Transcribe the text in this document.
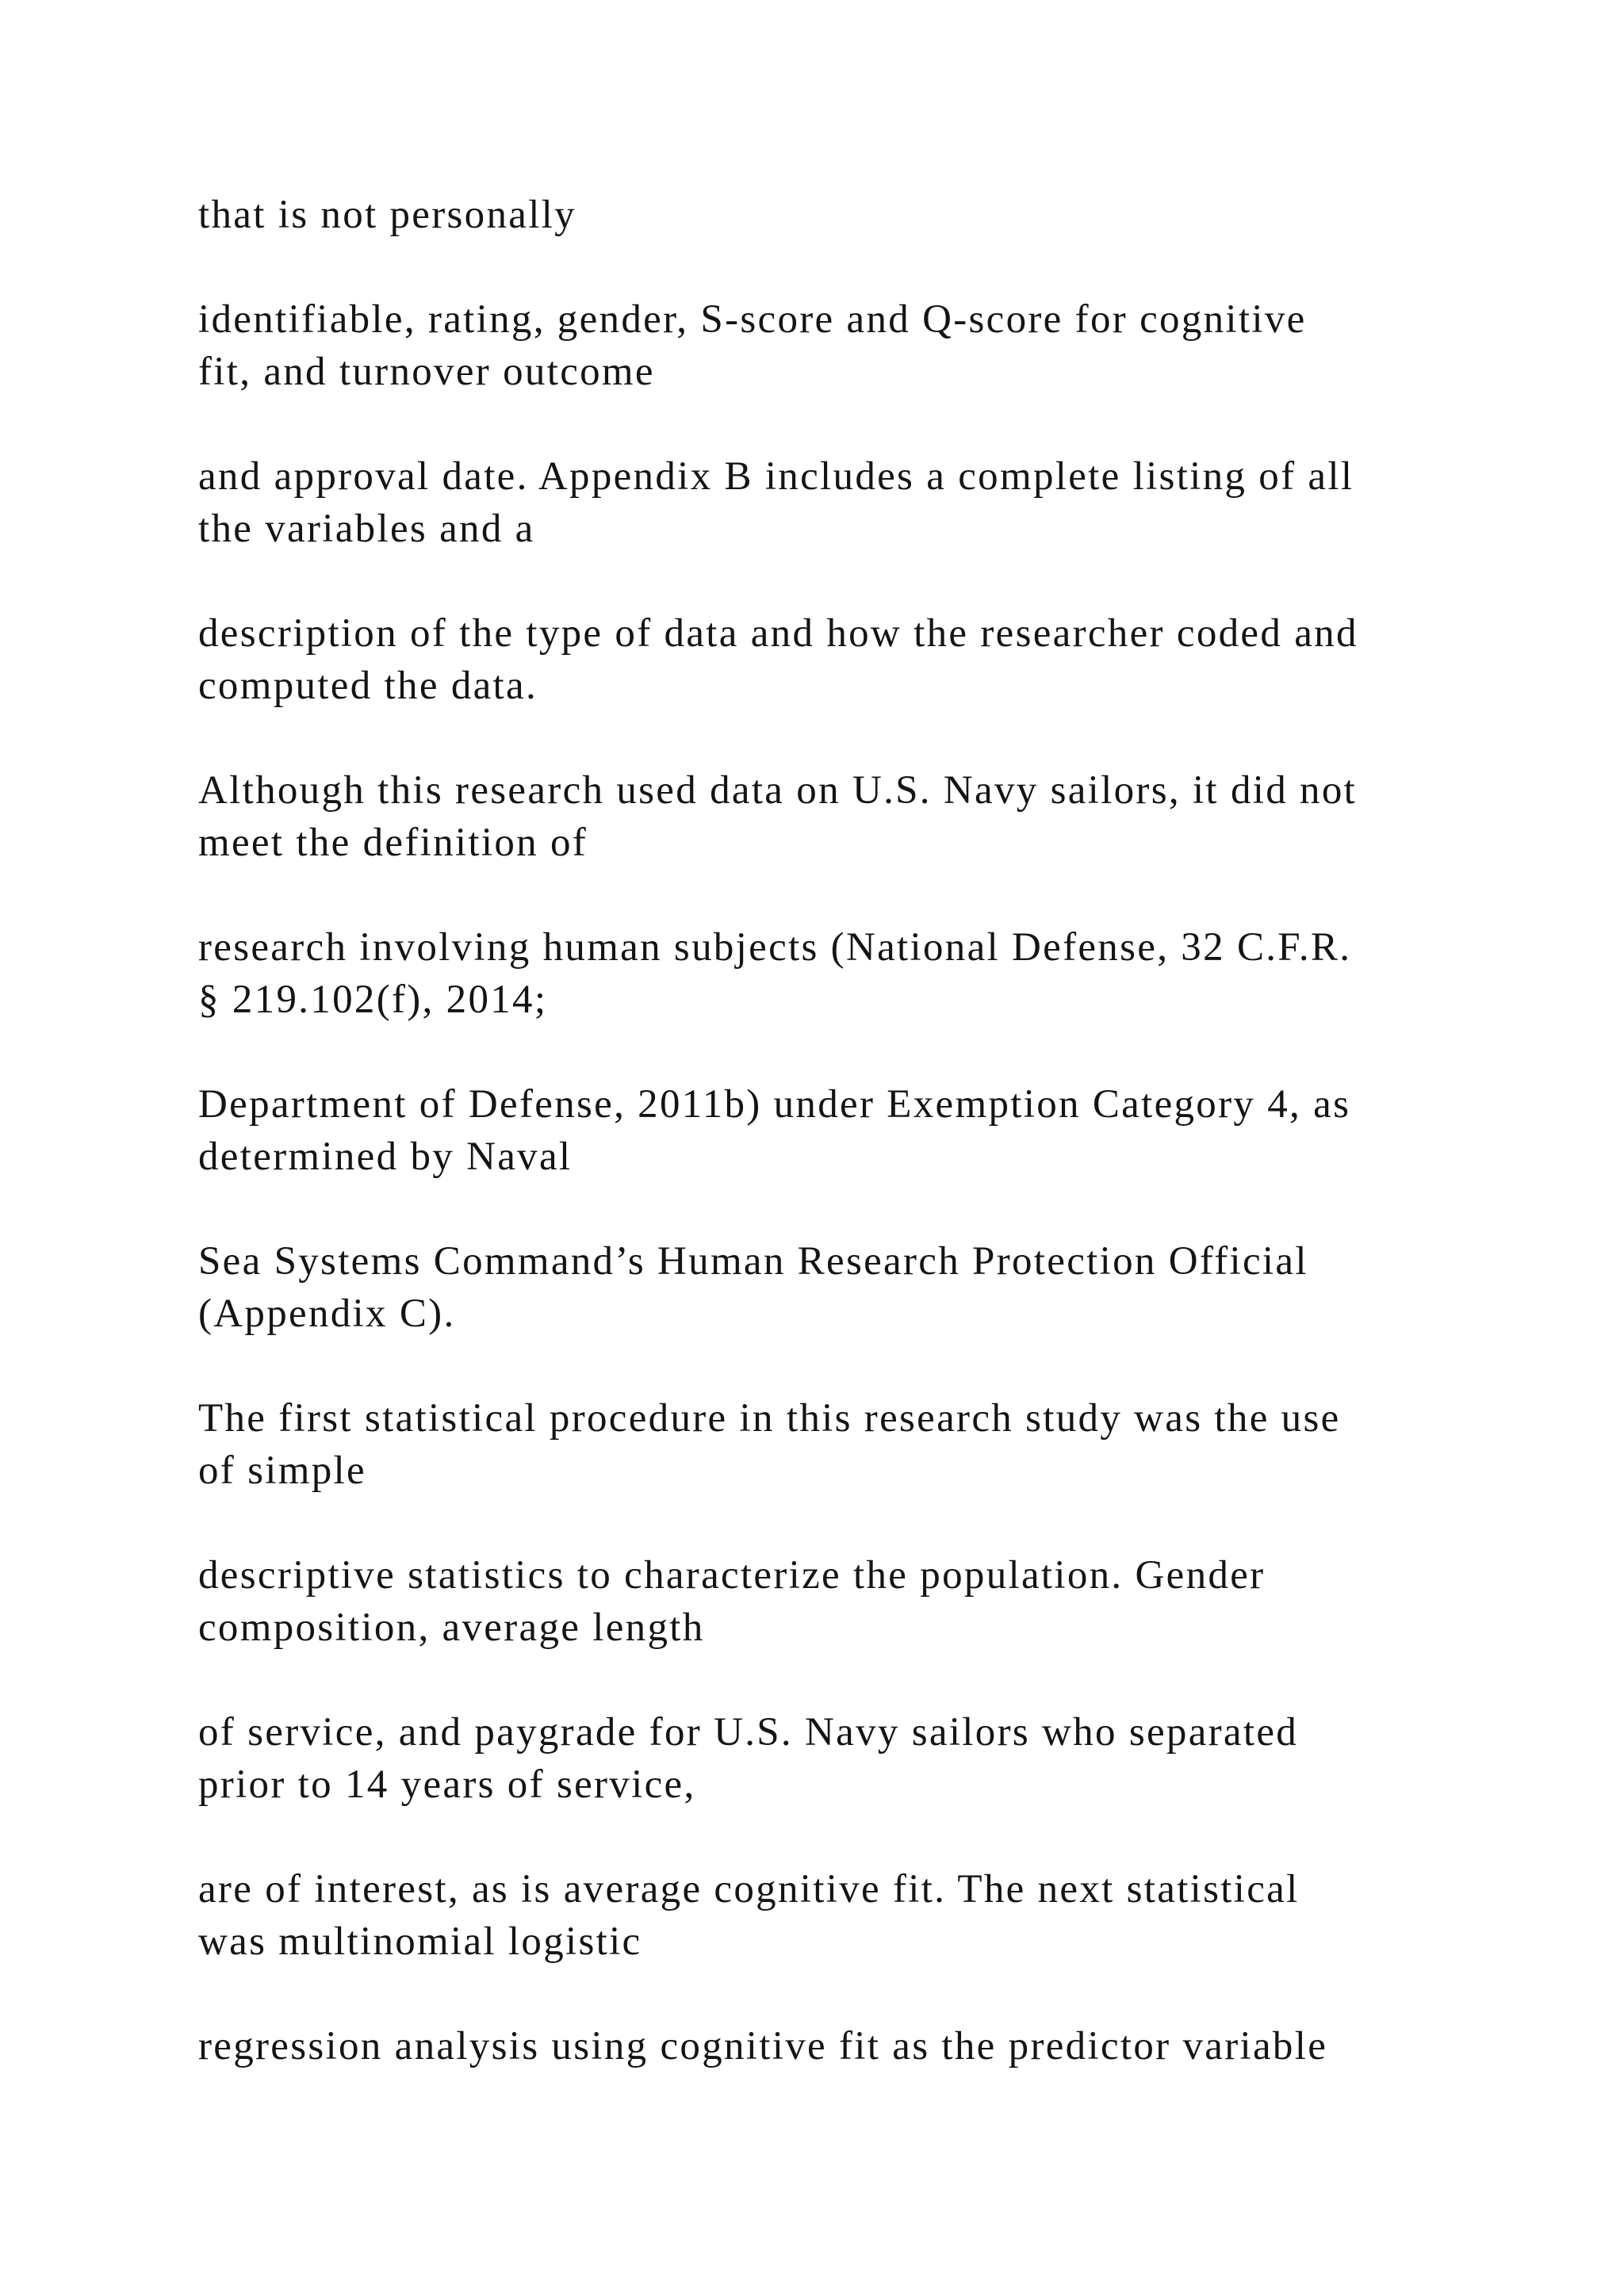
that is not personally

identifiable, rating, gender, S-score and Q-score for cognitive
fit, and turnover outcome

and approval date. Appendix B includes a complete listing of all
the variables and a

description of the type of data and how the researcher coded and
computed the data.

Although this research used data on U.S. Navy sailors, it did not
meet the definition of

research involving human subjects (National Defense, 32 C.F.R.
§ 219.102(f), 2014;

Department of Defense, 2011b) under Exemption Category 4, as
determined by Naval

Sea Systems Command’s Human Research Protection Official
(Appendix C).

The first statistical procedure in this research study was the use
of simple

descriptive statistics to characterize the population. Gender
composition, average length

of service, and paygrade for U.S. Navy sailors who separated
prior to 14 years of service,

are of interest, as is average cognitive fit. The next statistical
was multinomial logistic

regression analysis using cognitive fit as the predictor variable
